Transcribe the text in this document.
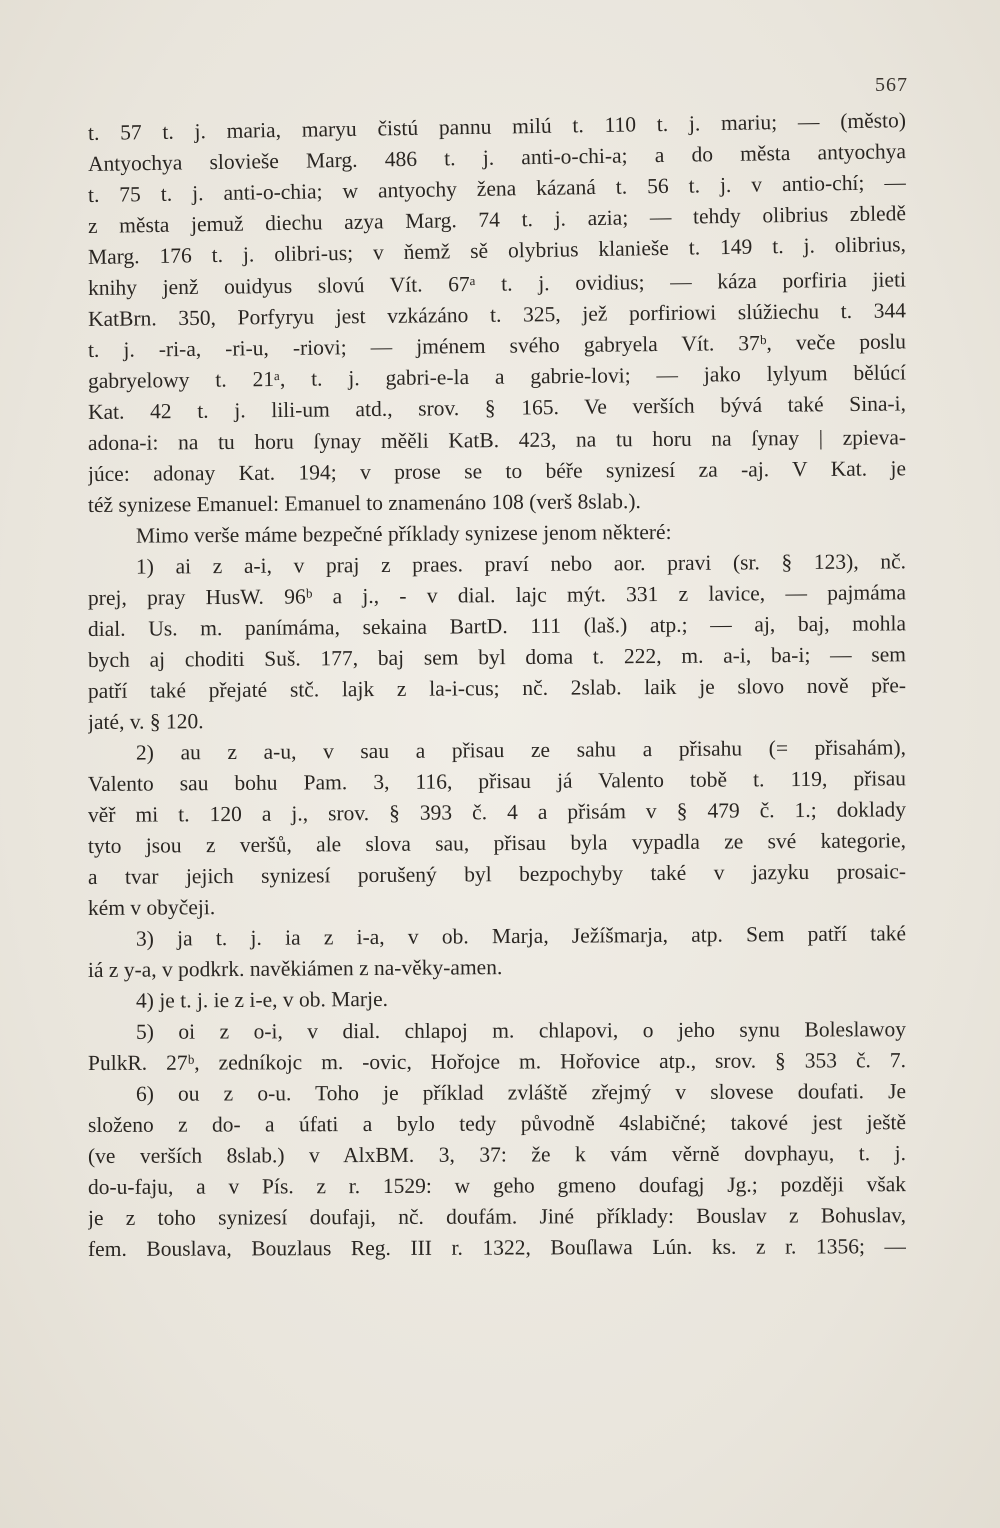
567
t. 57 t. j. maria, maryu čistú pannu milú t. 110 t. j. mariu; — (město)
Antyochya slovieše Marg. 486 t. j. anti-o-chi-a; a do města antyochya
t. 75 t. j. anti-o-chia; w antyochy žena kázaná t. 56 t. j. v antio-chí; —
z města jemuž diechu azya Marg. 74 t. j. azia; — tehdy olibrius zbledě
Marg. 176 t. j. olibri-us; v ňemž sě olybrius klanieše t. 149 t. j. olibrius,
knihy jenž ouidyus slovú Vít. 67ᵃ t. j. ovidius; — káza porfiria jieti
KatBrn. 350, Porfyryu jest vzkázáno t. 325, jež porfiriowi slúžiechu t. 344
t. j. -ri-a, -ri-u, -riovi; — jménem svého gabryela Vít. 37ᵇ, veče poslu
gabryelowy t. 21ᵃ, t. j. gabri-e-la a gabrie-lovi; — jako lylyum bělúcí
Kat. 42 t. j. lili-um atd., srov. § 165. Ve verších bývá také Sina-i,
adona-i: na tu horu ſynay měěli KatB. 423, na tu horu na ſynay | zpieva-
júce: adonay Kat. 194; v prose se to béře synizesí za -aj. V Kat. je
též synizese Emanuel: Emanuel to znamenáno 108 (verš 8slab.).
Mimo verše máme bezpečné příklady synizese jenom některé:
1) ai z a-i, v praj z praes. praví nebo aor. pravi (sr. § 123), nč.
prej, pray HusW. 96ᵇ a j., - v dial. lajc mýt. 331 z lavice, — pajmáma
dial. Us. m. panímáma, sekaina BartD. 111 (laš.) atp.; — aj, baj, mohla
bych aj choditi Suš. 177, baj sem byl doma t. 222, m. a-i, ba-i; — sem
patří také přejaté stč. lajk z la-i-cus; nč. 2slab. laik je slovo nově pře-
jaté, v. § 120.
2) au z a-u, v sau a přisau ze sahu a přisahu (= přisahám),
Valento sau bohu Pam. 3, 116, přisau já Valento tobě t. 119, přisau
věř mi t. 120 a j., srov. § 393 č. 4 a přisám v § 479 č. 1.; doklady
tyto jsou z veršů, ale slova sau, přisau byla vypadla ze své kategorie,
a tvar jejich synizesí porušený byl bezpochyby také v jazyku prosaic-
kém v obyčeji.
3) ja t. j. ia z i-a, v ob. Marja, Ježíšmarja, atp. Sem patří také
iá z y-a, v podkrk. navěkiámen z na-věky-amen.
4) je t. j. ie z i-e, v ob. Marje.
5) oi z o-i, v dial. chlapoj m. chlapovi, o jeho synu Boleslawoy
PulkR. 27ᵇ, zedníkojc m. -ovic, Hořojce m. Hořovice atp., srov. § 353 č. 7.
6) ou z o-u. Toho je příklad zvláště zřejmý v slovese doufati. Je
složeno z do- a úfati a bylo tedy původně 4slabičné; takové jest ještě
(ve verších 8slab.) v AlxBM. 3, 37: že k vám věrně dovphayu, t. j.
do-u-faju, a v Pís. z r. 1529: w geho gmeno doufagj Jg.; později však
je z toho synizesí doufaji, nč. doufám. Jiné příklady: Bouslav z Bohuslav,
fem. Bouslava, Bouzlaus Reg. III r. 1322, Bouſlawa Lún. ks. z r. 1356; —
